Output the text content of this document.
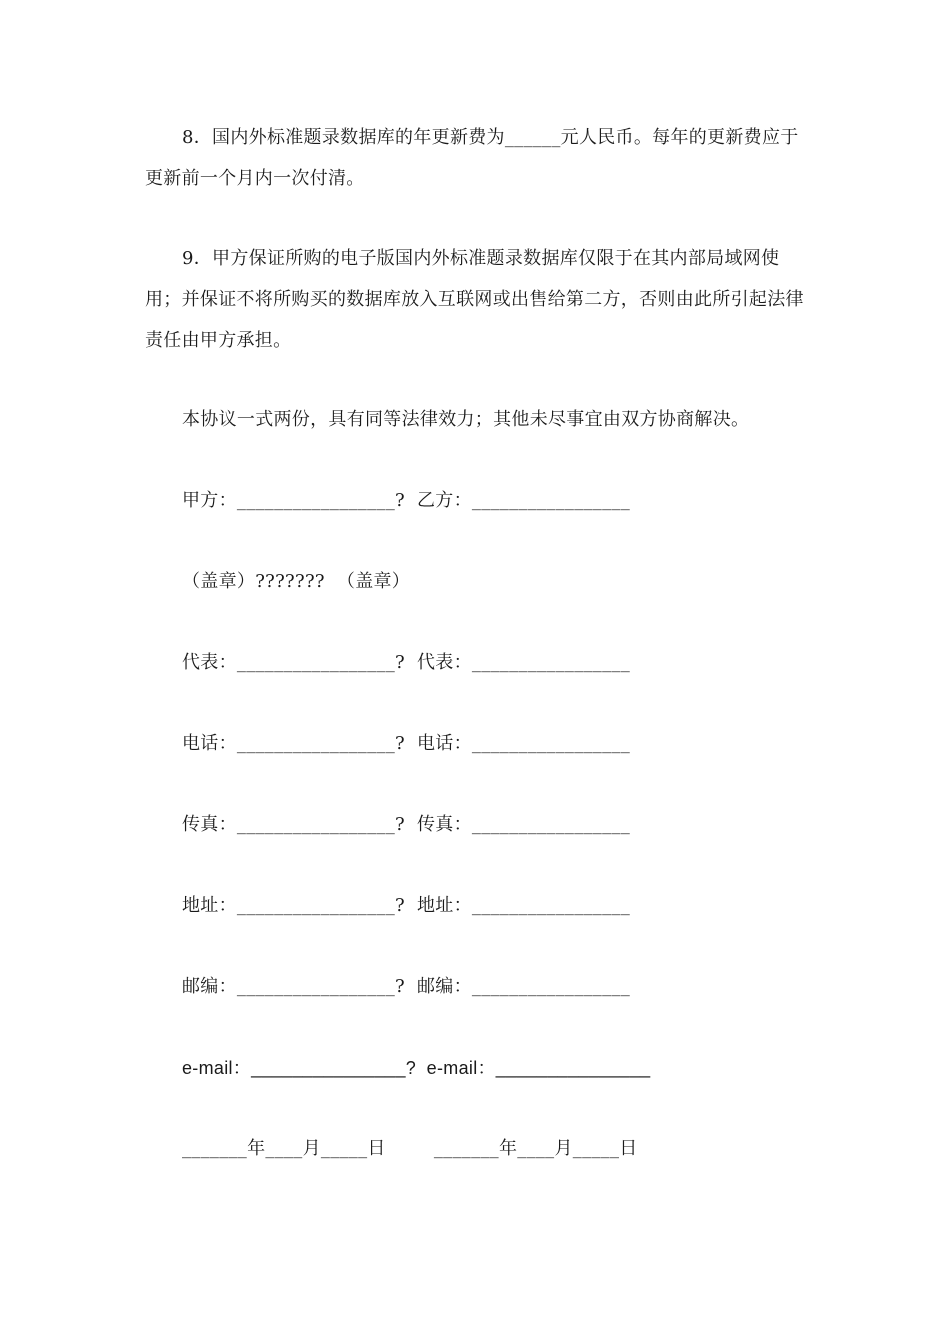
8．国内外标准题录数据库的年更新费为______元人民币。每年的更新费应于更新前一个月内一次付清。
9．甲方保证所购的电子版国内外标准题录数据库仅限于在其内部局域网使用；并保证不将所购买的数据库放入互联网或出售给第二方，否则由此所引起法律责任由甲方承担。
本协议一式两份，具有同等法律效力；其他未尽事宜由双方协商解决。
甲方：_________________?  乙方：_________________
（盖章）???????  （盖章）
代表：_________________?  代表：_________________
电话：_________________?  电话：_________________
传真：_________________?  传真：_________________
地址：_________________?  地址：_________________
邮编：_________________?  邮编：_________________
e-mail：_______________?  e-mail：_______________
_______年____月_____日        _______年____月_____日
